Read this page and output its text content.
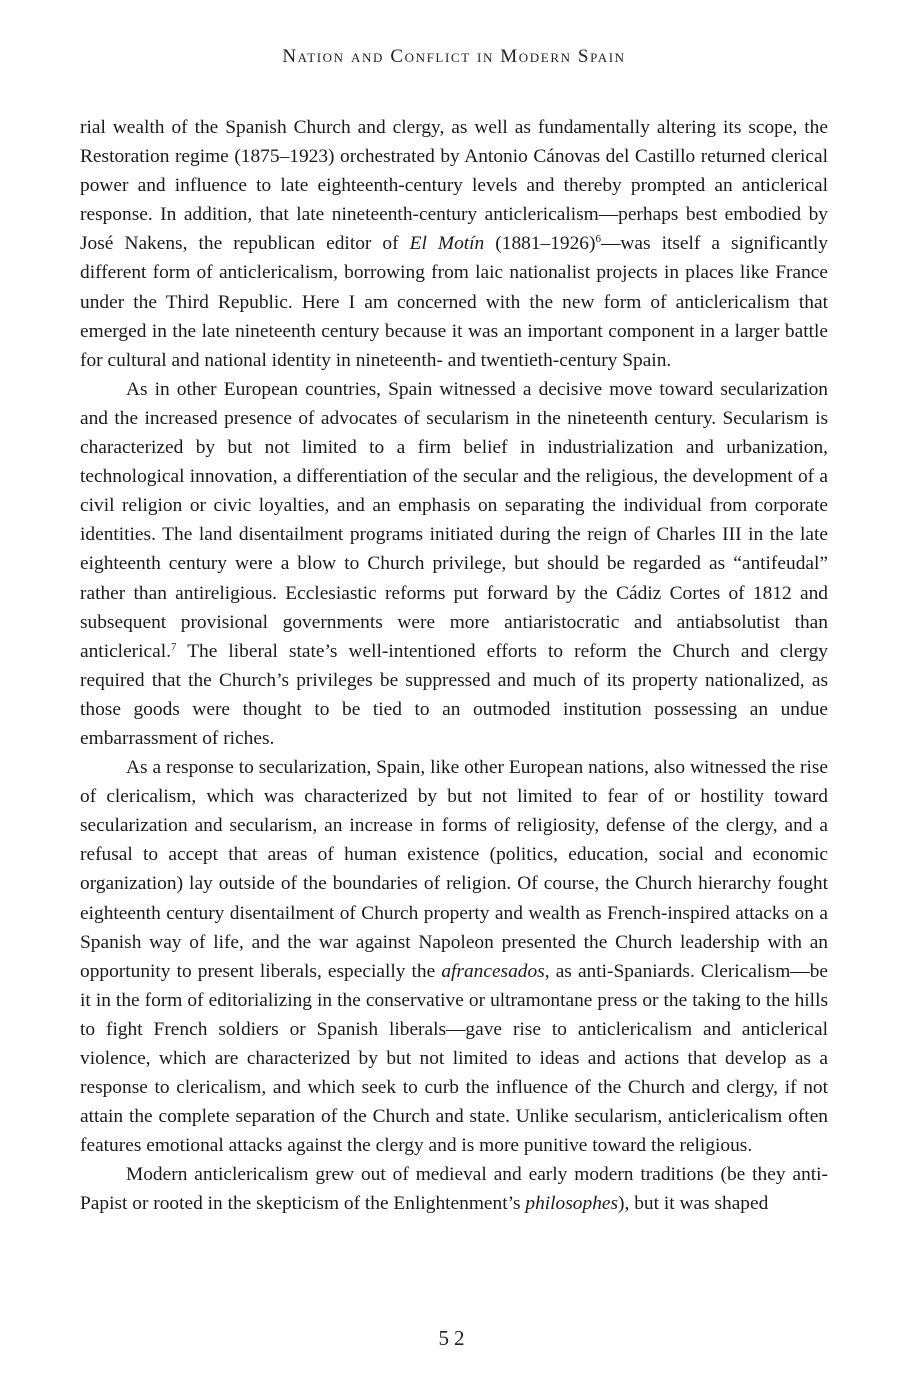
Nation and Conflict in Modern Spain

rial wealth of the Spanish Church and clergy, as well as fundamentally altering its scope, the Restoration regime (1875–1923) orchestrated by Antonio Cánovas del Castillo returned clerical power and influence to late eighteenth-century levels and thereby prompted an anticlerical response. In addition, that late nineteenth-century anticlericalism—perhaps best embodied by José Nakens, the republican editor of El Motín (1881–1926)$^6$—was itself a significantly different form of anticlericalism, borrowing from laic nationalist projects in places like France under the Third Republic. Here I am concerned with the new form of anticlericalism that emerged in the late nineteenth century because it was an important component in a larger battle for cultural and national identity in nineteenth- and twentieth-century Spain.

As in other European countries, Spain witnessed a decisive move toward secularization and the increased presence of advocates of secularism in the nineteenth century. Secularism is characterized by but not limited to a firm belief in industrialization and urbanization, technological innovation, a differentiation of the secular and the religious, the development of a civil religion or civic loyalties, and an emphasis on separating the individual from corporate identities. The land disentailment programs initiated during the reign of Charles III in the late eighteenth century were a blow to Church privilege, but should be regarded as “antifeudal” rather than antireligious. Ecclesiastic reforms put forward by the Cádiz Cortes of 1812 and subsequent provisional governments were more antiaristocratic and antiabsolutist than anticlerical.$^7$ The liberal state’s well-intentioned efforts to reform the Church and clergy required that the Church’s privileges be suppressed and much of its property nationalized, as those goods were thought to be tied to an outmoded institution possessing an undue embarrassment of riches.

As a response to secularization, Spain, like other European nations, also witnessed the rise of clericalism, which was characterized by but not limited to fear of or hostility toward secularization and secularism, an increase in forms of religiosity, defense of the clergy, and a refusal to accept that areas of human existence (politics, education, social and economic organization) lay outside of the boundaries of religion. Of course, the Church hierarchy fought eighteenth century disentailment of Church property and wealth as French-inspired attacks on a Spanish way of life, and the war against Napoleon presented the Church leadership with an opportunity to present liberals, especially the afrancesados, as anti-Spaniards. Clericalism—be it in the form of editorializing in the conservative or ultramontane press or the taking to the hills to fight French soldiers or Spanish liberals—gave rise to anticlericalism and anticlerical violence, which are characterized by but not limited to ideas and actions that develop as a response to clericalism, and which seek to curb the influence of the Church and clergy, if not attain the complete separation of the Church and state. Unlike secularism, anticlericalism often features emotional attacks against the clergy and is more punitive toward the religious.

Modern anticlericalism grew out of medieval and early modern traditions (be they anti-Papist or rooted in the skepticism of the Enlightenment’s philosophes), but it was shaped

52
